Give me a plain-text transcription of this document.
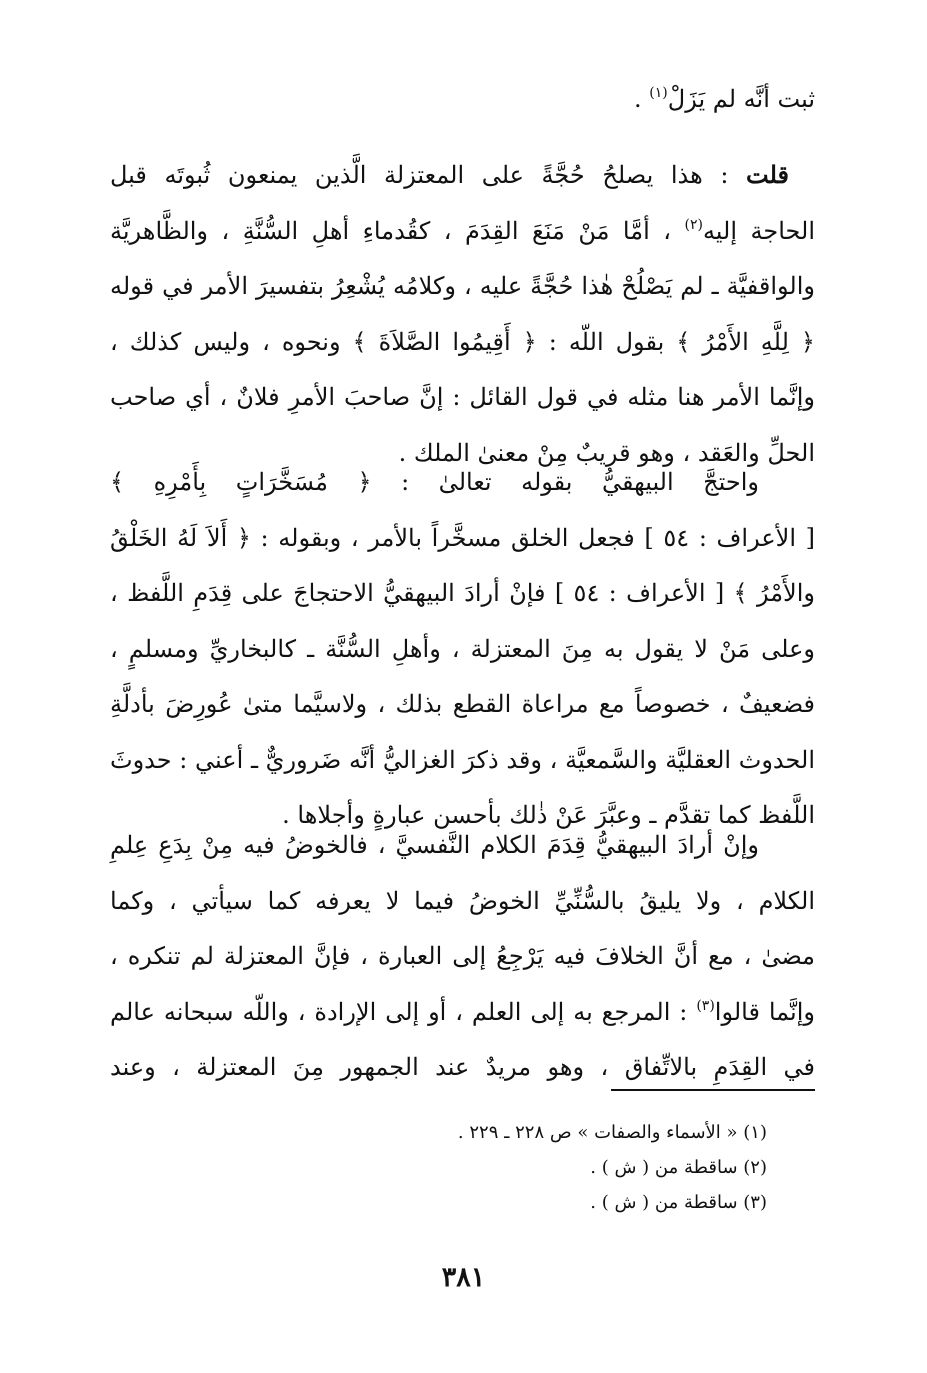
ثبت أنَّه لم يَزَلْ$^{(١)}$ .
قلت : هذا يصلحُ حُجَّةً على المعتزلة الَّذين يمنعون ثُبوتَه قبل
الحاجة إليه$^{(٢)}$ ، أمَّا مَنْ مَنَعَ القِدَمَ ، كقُدماءِ أهلِ السُّنَّةِ ، والظَّاهريَّة
والواقفيَّة ـ لم يَصْلُحْ هٰذا حُجَّةً عليه ، وكلامُه يُشْعِرُ بتفسيرَ الأمر في قوله
﴿ لِلَّهِ الأَمْرُ ﴾ بقول اللّه : ﴿ أَقِيمُوا الصَّلاَةَ ﴾ ونحوه ، وليس كذلك ،
وإنَّما الأمر هنا مثله في قول القائل : إنَّ صاحبَ الأمرِ فلانٌ ، أي صاحب
الحلِّ والعَقد ، وهو قريبٌ مِنْ معنىٰ الملك .
واحتجَّ البيهقيُّ بقوله تعالىٰ : ﴿ مُسَخَّرَاتٍ بِأَمْرِهِ ﴾
[ الأعراف : ٥٤ ] فجعل الخلق مسخَّراً بالأمر ، وبقوله : ﴿ أَلاَ لَهُ الخَلْقُ
والأَمْرُ ﴾ [ الأعراف : ٥٤ ] فإنْ أرادَ البيهقيُّ الاحتجاجَ على قِدَمِ اللَّفظ ،
وعلى مَنْ لا يقول به مِنَ المعتزلة ، وأهلِ السُّنَّة ـ كالبخاريِّ ومسلمٍ ،
فضعيفٌ ، خصوصاً مع مراعاة القطع بذلك ، ولاسيَّما متىٰ عُورِضَ بأدلَّةِ
الحدوث العقليَّة والسَّمعيَّة ، وقد ذكرَ الغزاليُّ أنَّه ضَروريٌّ ـ أعني : حدوثَ
اللَّفظ كما تقدَّم ـ وعبَّرَ عَنْ ذٰلك بأحسن عبارةٍ وأجلاها .
وإنْ أرادَ البيهقيُّ قِدَمَ الكلام النَّفسيَّ ، فالخوضُ فيه مِنْ بِدَعِ عِلمِ
الكلام ، ولا يليقُ بالسُّنِّيِّ الخوضُ فيما لا يعرفه كما سيأتي ، وكما
مضىٰ ، مع أنَّ الخلافَ فيه يَرْجِعُ إلى العبارة ، فإنَّ المعتزلة لم تنكره ،
وإنَّما قالوا$^{(٣)}$ : المرجع به إلى العلم ، أو إلى الإرادة ، واللّه سبحانه عالم
في القِدَمِ بالاتِّفاق ، وهو مريدٌ عند الجمهور مِنَ المعتزلة ، وعند
(١) « الأسماء والصفات » ص ٢٢٨ ـ ٢٢٩ .
(٢) ساقطة من ( ش ) .
(٣) ساقطة من ( ش ) .
٣٨١
